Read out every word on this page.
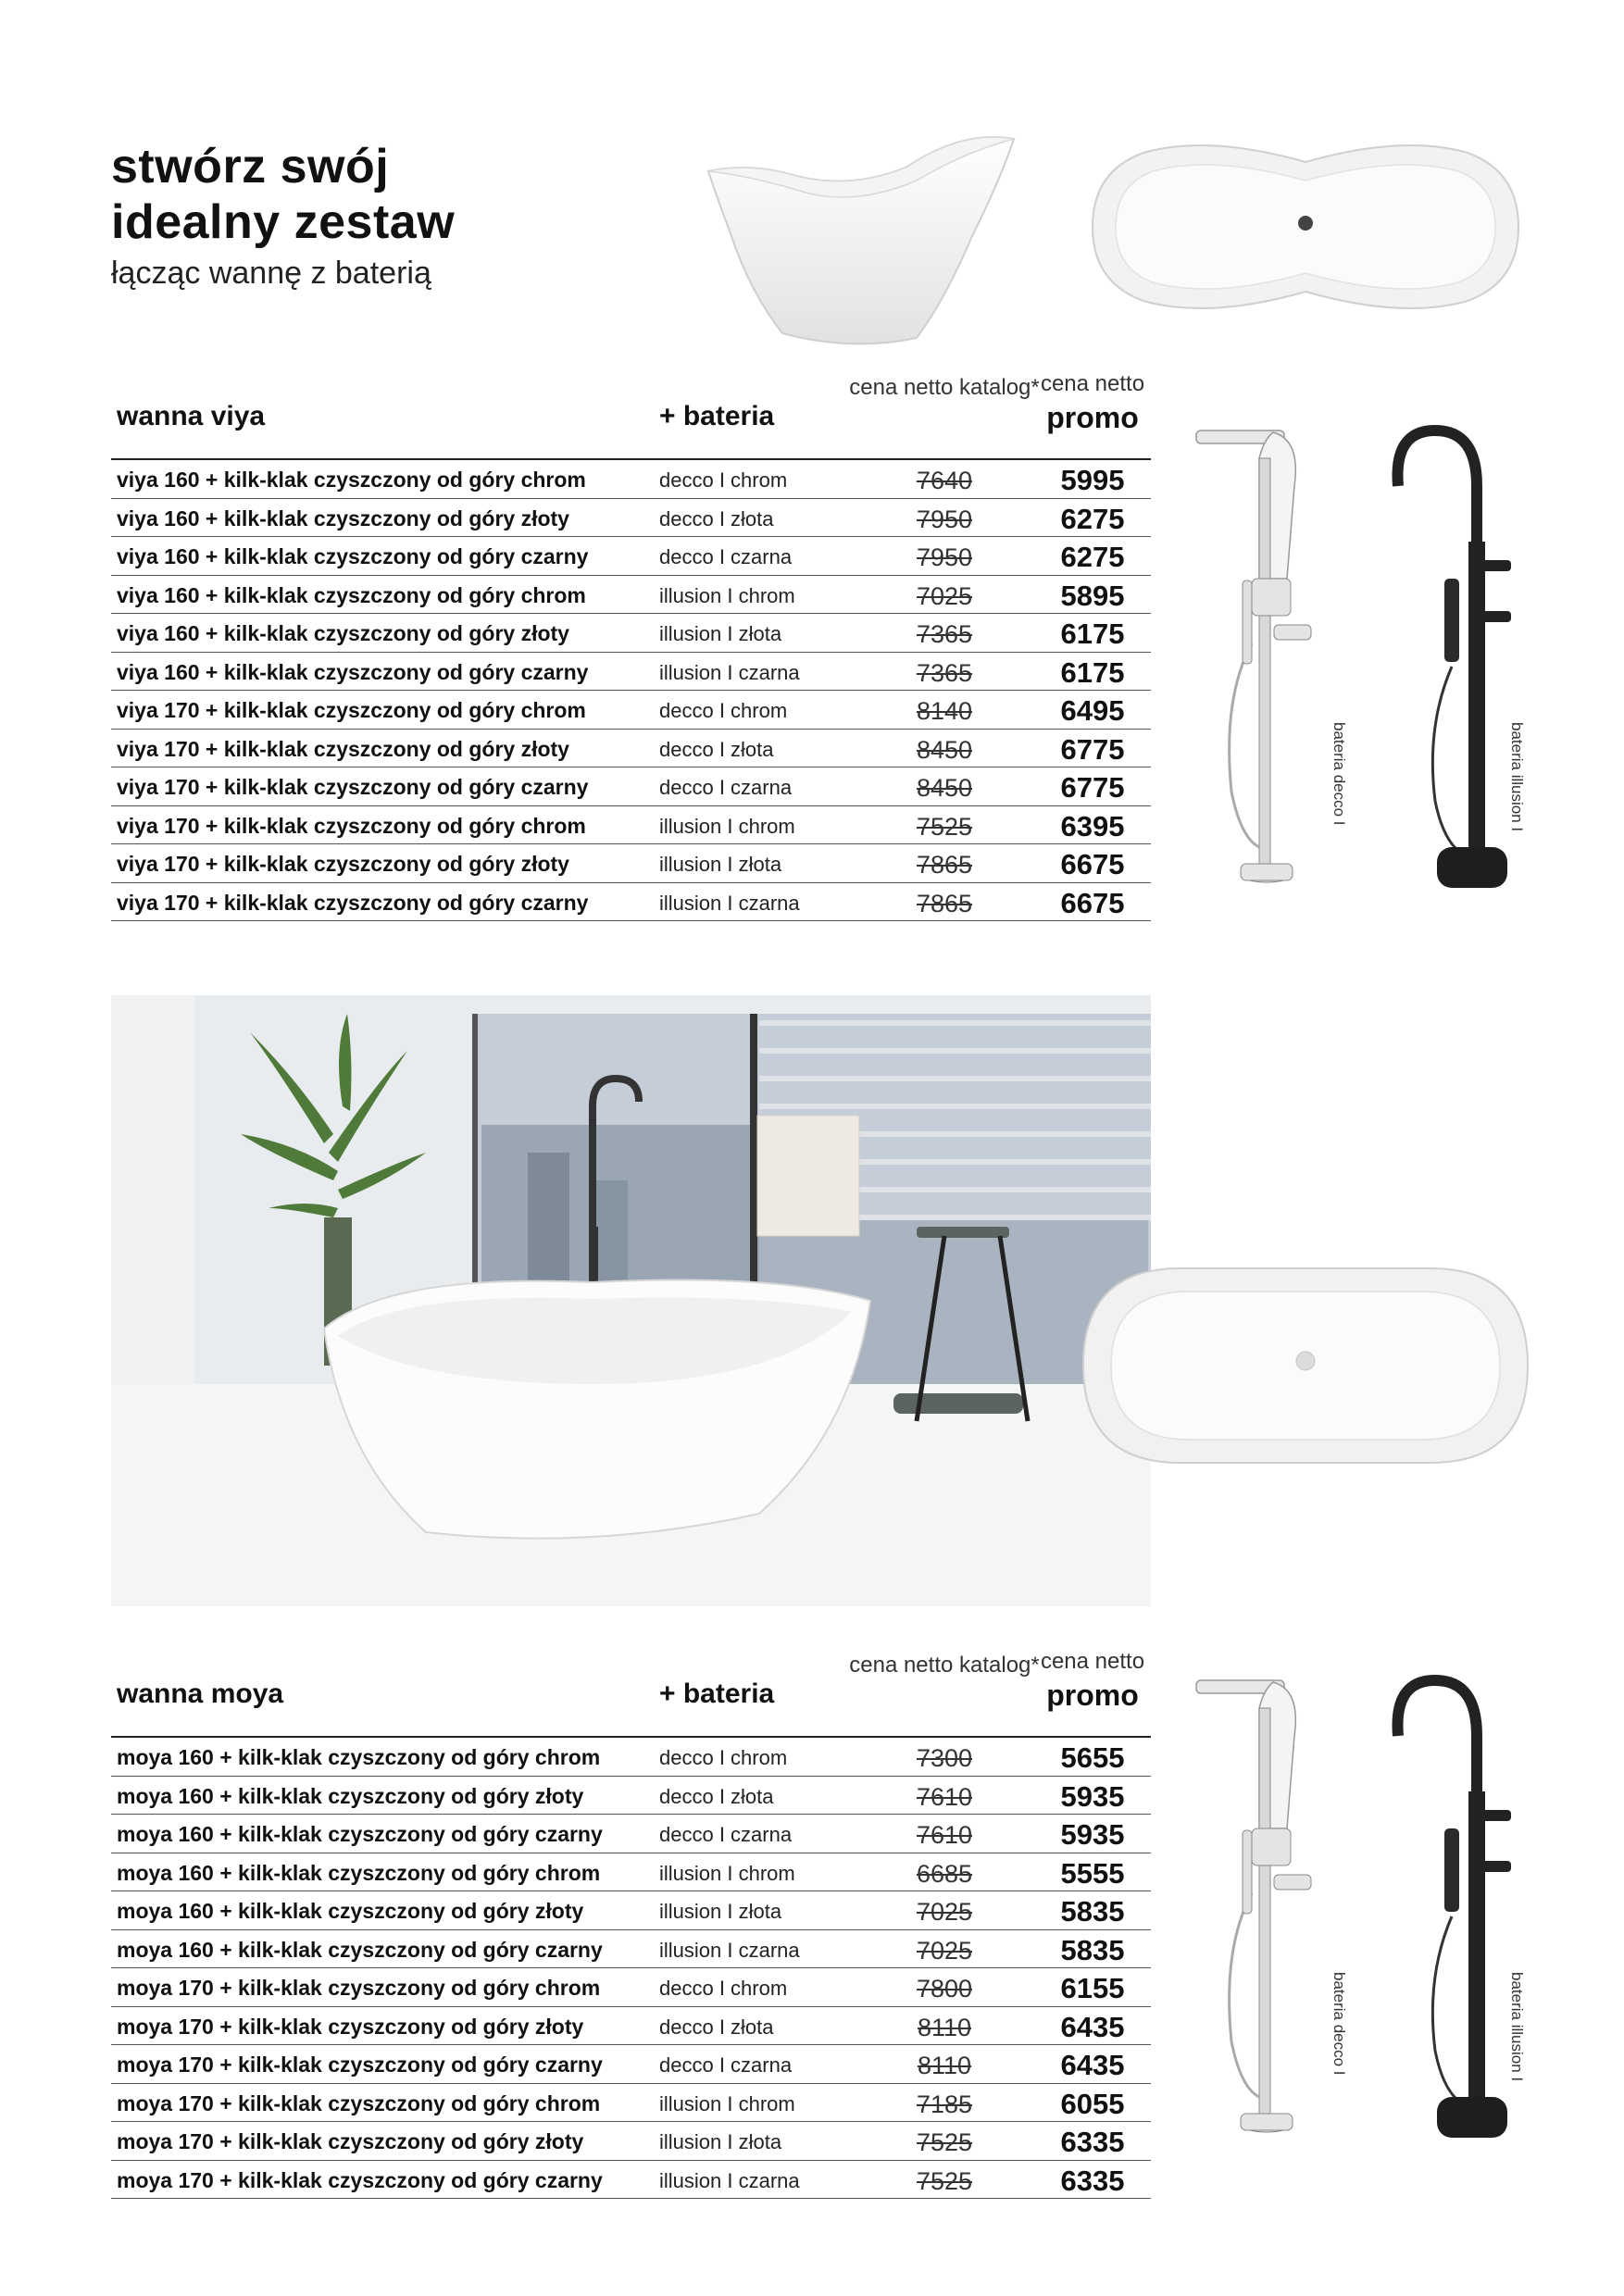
stwórz swój
idealny zestaw
łącząc wannę z baterią
wanna viya	+ bateria
cena netto katalog* cena netto
promo
viya 160 + kilk-klak czyszczony od góry chrom	decco I chrom	7640	5995
viya 160 + kilk-klak czyszczony od góry złoty	decco I złota	7950	6275
viya 160 + kilk-klak czyszczony od góry czarny	decco I czarna	7950	6275
viya 160 + kilk-klak czyszczony od góry chrom	illusion I chrom	7025	5895
viya 160 + kilk-klak czyszczony od góry złoty	illusion I złota	7365	6175
viya 160 + kilk-klak czyszczony od góry czarny	illusion I czarna	7365	6175
viya 170 + kilk-klak czyszczony od góry chrom	decco I chrom	8140	6495
viya 170 + kilk-klak czyszczony od góry złoty	decco I złota	8450	6775
viya 170 + kilk-klak czyszczony od góry czarny	decco I czarna	8450	6775
viya 170 + kilk-klak czyszczony od góry chrom	illusion I chrom	7525	6395
viya 170 + kilk-klak czyszczony od góry złoty	illusion I złota	7865	6675
viya 170 + kilk-klak czyszczony od góry czarny	illusion I czarna	7865	6675
bateria decco I	bateria illusion I
wanna moya	+ bateria
cena netto katalog* cena netto
promo
moya 160 + kilk-klak czyszczony od góry chrom	decco I chrom	7300	5655
moya 160 + kilk-klak czyszczony od góry złoty	decco I złota	7610	5935
moya 160 + kilk-klak czyszczony od góry czarny	decco I czarna	7610	5935
moya 160 + kilk-klak czyszczony od góry chrom	illusion I chrom	6685	5555
moya 160 + kilk-klak czyszczony od góry złoty	illusion I złota	7025	5835
moya 160 + kilk-klak czyszczony od góry czarny	illusion I czarna	7025	5835
moya 170 + kilk-klak czyszczony od góry chrom	decco I chrom	7800	6155
moya 170 + kilk-klak czyszczony od góry złoty	decco I złota	8110	6435
moya 170 + kilk-klak czyszczony od góry czarny	decco I czarna	8110	6435
moya 170 + kilk-klak czyszczony od góry chrom	illusion I chrom	7185	6055
moya 170 + kilk-klak czyszczony od góry złoty	illusion I złota	7525	6335
moya 170 + kilk-klak czyszczony od góry czarny	illusion I czarna	7525	6335
bateria decco I	bateria illusion I
